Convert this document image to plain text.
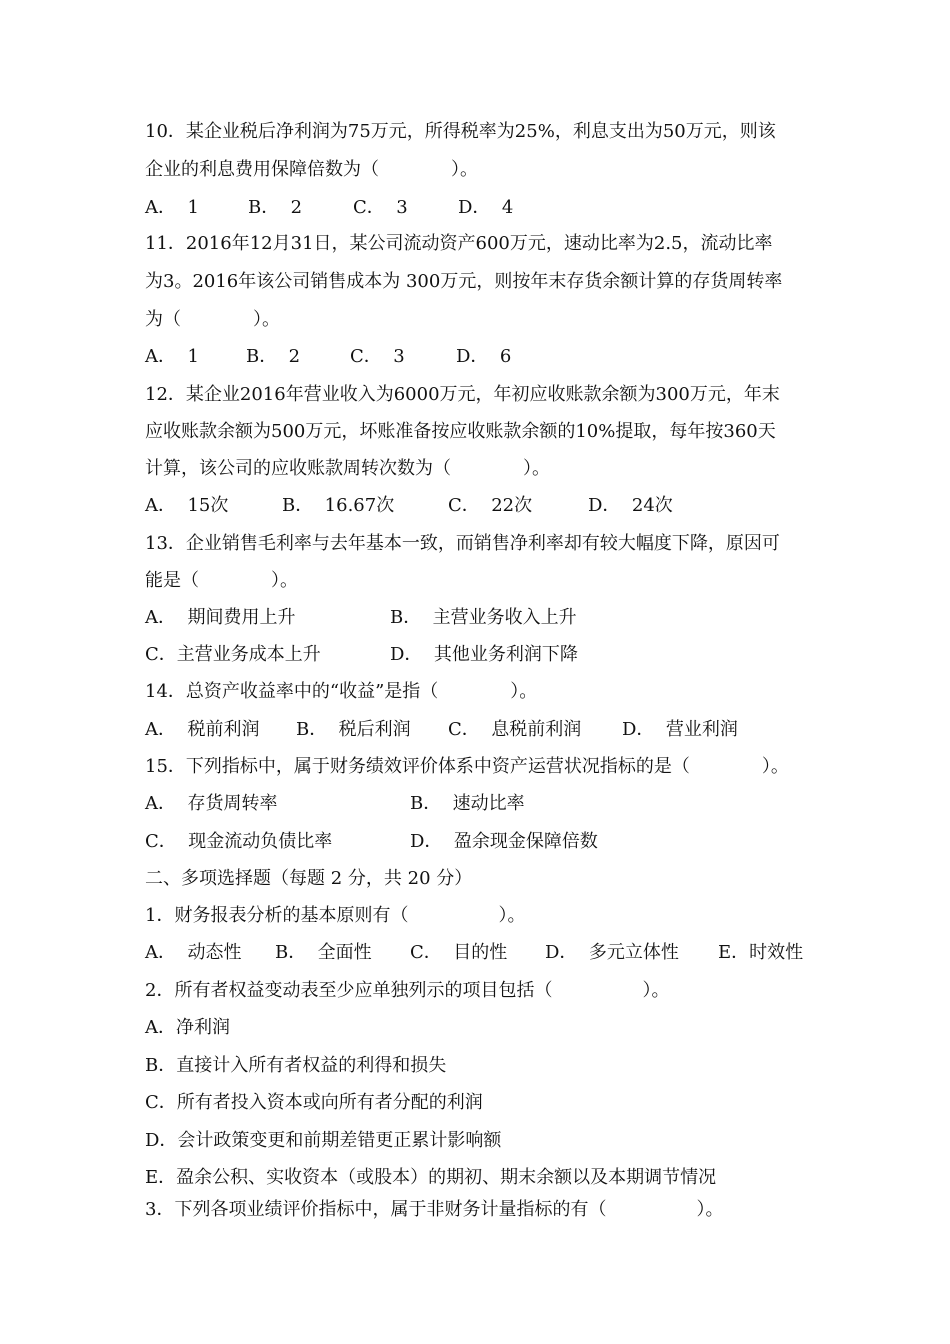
10．某企业税后净利润为75万元，所得税率为25%，利息支出为50万元，则该
企业的利息费用保障倍数为（　　　　）。
A．  1	B．  2	C．  3	D．  4
11．2016年12月31日，某公司流动资产600万元，速动比率为2.5，流动比率
为3。2016年该公司销售成本为 300万元，则按年末存货余额计算的存货周转率
为（　　　　）。
A．  1	B．  2	C．  3	D．  6
12．某企业2016年营业收入为6000万元，年初应收账款余额为300万元，年末
应收账款余额为500万元，坏账准备按应收账款余额的10%提取，每年按360天
计算，该公司的应收账款周转次数为（　　　　）。
A．  15次	B．  16.67次	C．  22次	D．  24次
13．企业销售毛利率与去年基本一致，而销售净利率却有较大幅度下降，原因可
能是（　　　　）。
A．  期间费用上升	B．  主营业务收入上升
C．主营业务成本上升	D．  其他业务利润下降
14．总资产收益率中的“收益”是指（　　　　）。
A．  税前利润 B．  税后利润 C．  息税前利润 D．  营业利润
15．下列指标中，属于财务绩效评价体系中资产运营状况指标的是（　　　　）。
A．  存货周转率	B．  速动比率
C．  现金流动负债比率	D．  盈余现金保障倍数
二、多项选择题（每题 2 分，共 20 分）
1．财务报表分析的基本原则有（　　　　　）。
A．  动态性 B．  全面性 C．  目的性 D．  多元立体性 E．时效性
2．所有者权益变动表至少应单独列示的项目包括（　　　　　）。
A．净利润
B．直接计入所有者权益的利得和损失
C．所有者投入资本或向所有者分配的利润
D．会计政策变更和前期差错更正累计影响额
E．盈余公积、实收资本（或股本）的期初、期末余额以及本期调节情况
3．下列各项业绩评价指标中，属于非财务计量指标的有（　　　　　）。
